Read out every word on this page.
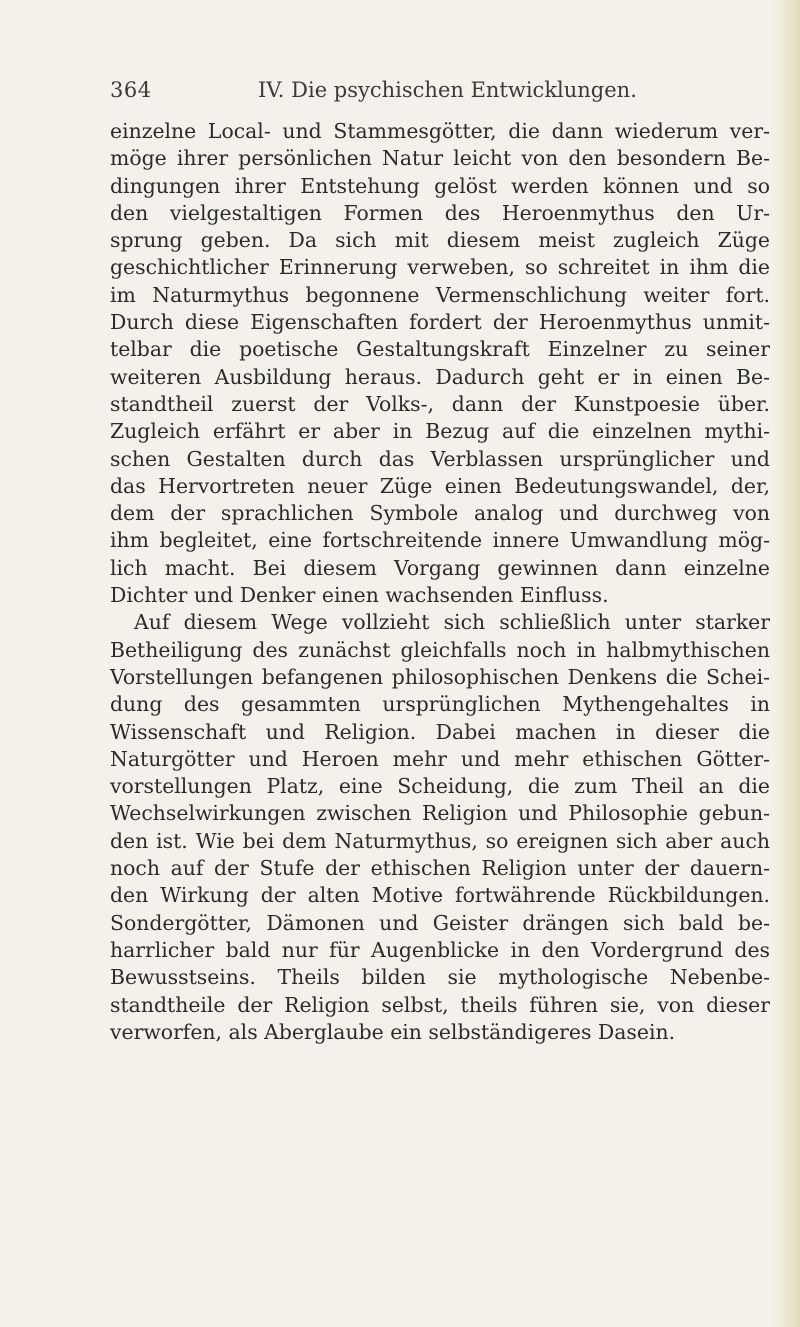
364	IV. Die psychischen Entwicklungen.
einzelne Local- und Stammesgötter, die dann wiederum ver-
möge ihrer persönlichen Natur leicht von den besondern Be-
dingungen ihrer Entstehung gelöst werden können und so
den vielgestaltigen Formen des Heroenmythus den Ur-
sprung geben. Da sich mit diesem meist zugleich Züge
geschichtlicher Erinnerung verweben, so schreitet in ihm die
im Naturmythus begonnene Vermenschlichung weiter fort.
Durch diese Eigenschaften fordert der Heroenmythus unmit-
telbar die poetische Gestaltungskraft Einzelner zu seiner
weiteren Ausbildung heraus. Dadurch geht er in einen Be-
standtheil zuerst der Volks-, dann der Kunstpoesie über.
Zugleich erfährt er aber in Bezug auf die einzelnen mythi-
schen Gestalten durch das Verblassen ursprünglicher und
das Hervortreten neuer Züge einen Bedeutungswandel, der,
dem der sprachlichen Symbole analog und durchweg von
ihm begleitet, eine fortschreitende innere Umwandlung mög-
lich macht. Bei diesem Vorgang gewinnen dann einzelne
Dichter und Denker einen wachsenden Einfluss.
Auf diesem Wege vollzieht sich schließlich unter starker
Betheiligung des zunächst gleichfalls noch in halbmythischen
Vorstellungen befangenen philosophischen Denkens die Schei-
dung des gesammten ursprünglichen Mythengehaltes in
Wissenschaft und Religion. Dabei machen in dieser die
Naturgötter und Heroen mehr und mehr ethischen Götter-
vorstellungen Platz, eine Scheidung, die zum Theil an die
Wechselwirkungen zwischen Religion und Philosophie gebun-
den ist. Wie bei dem Naturmythus, so ereignen sich aber auch
noch auf der Stufe der ethischen Religion unter der dauern-
den Wirkung der alten Motive fortwährende Rückbildungen.
Sondergötter, Dämonen und Geister drängen sich bald be-
harrlicher bald nur für Augenblicke in den Vordergrund des
Bewusstseins. Theils bilden sie mythologische Nebenbe-
standtheile der Religion selbst, theils führen sie, von dieser
verworfen, als Aberglaube ein selbständigeres Dasein.
